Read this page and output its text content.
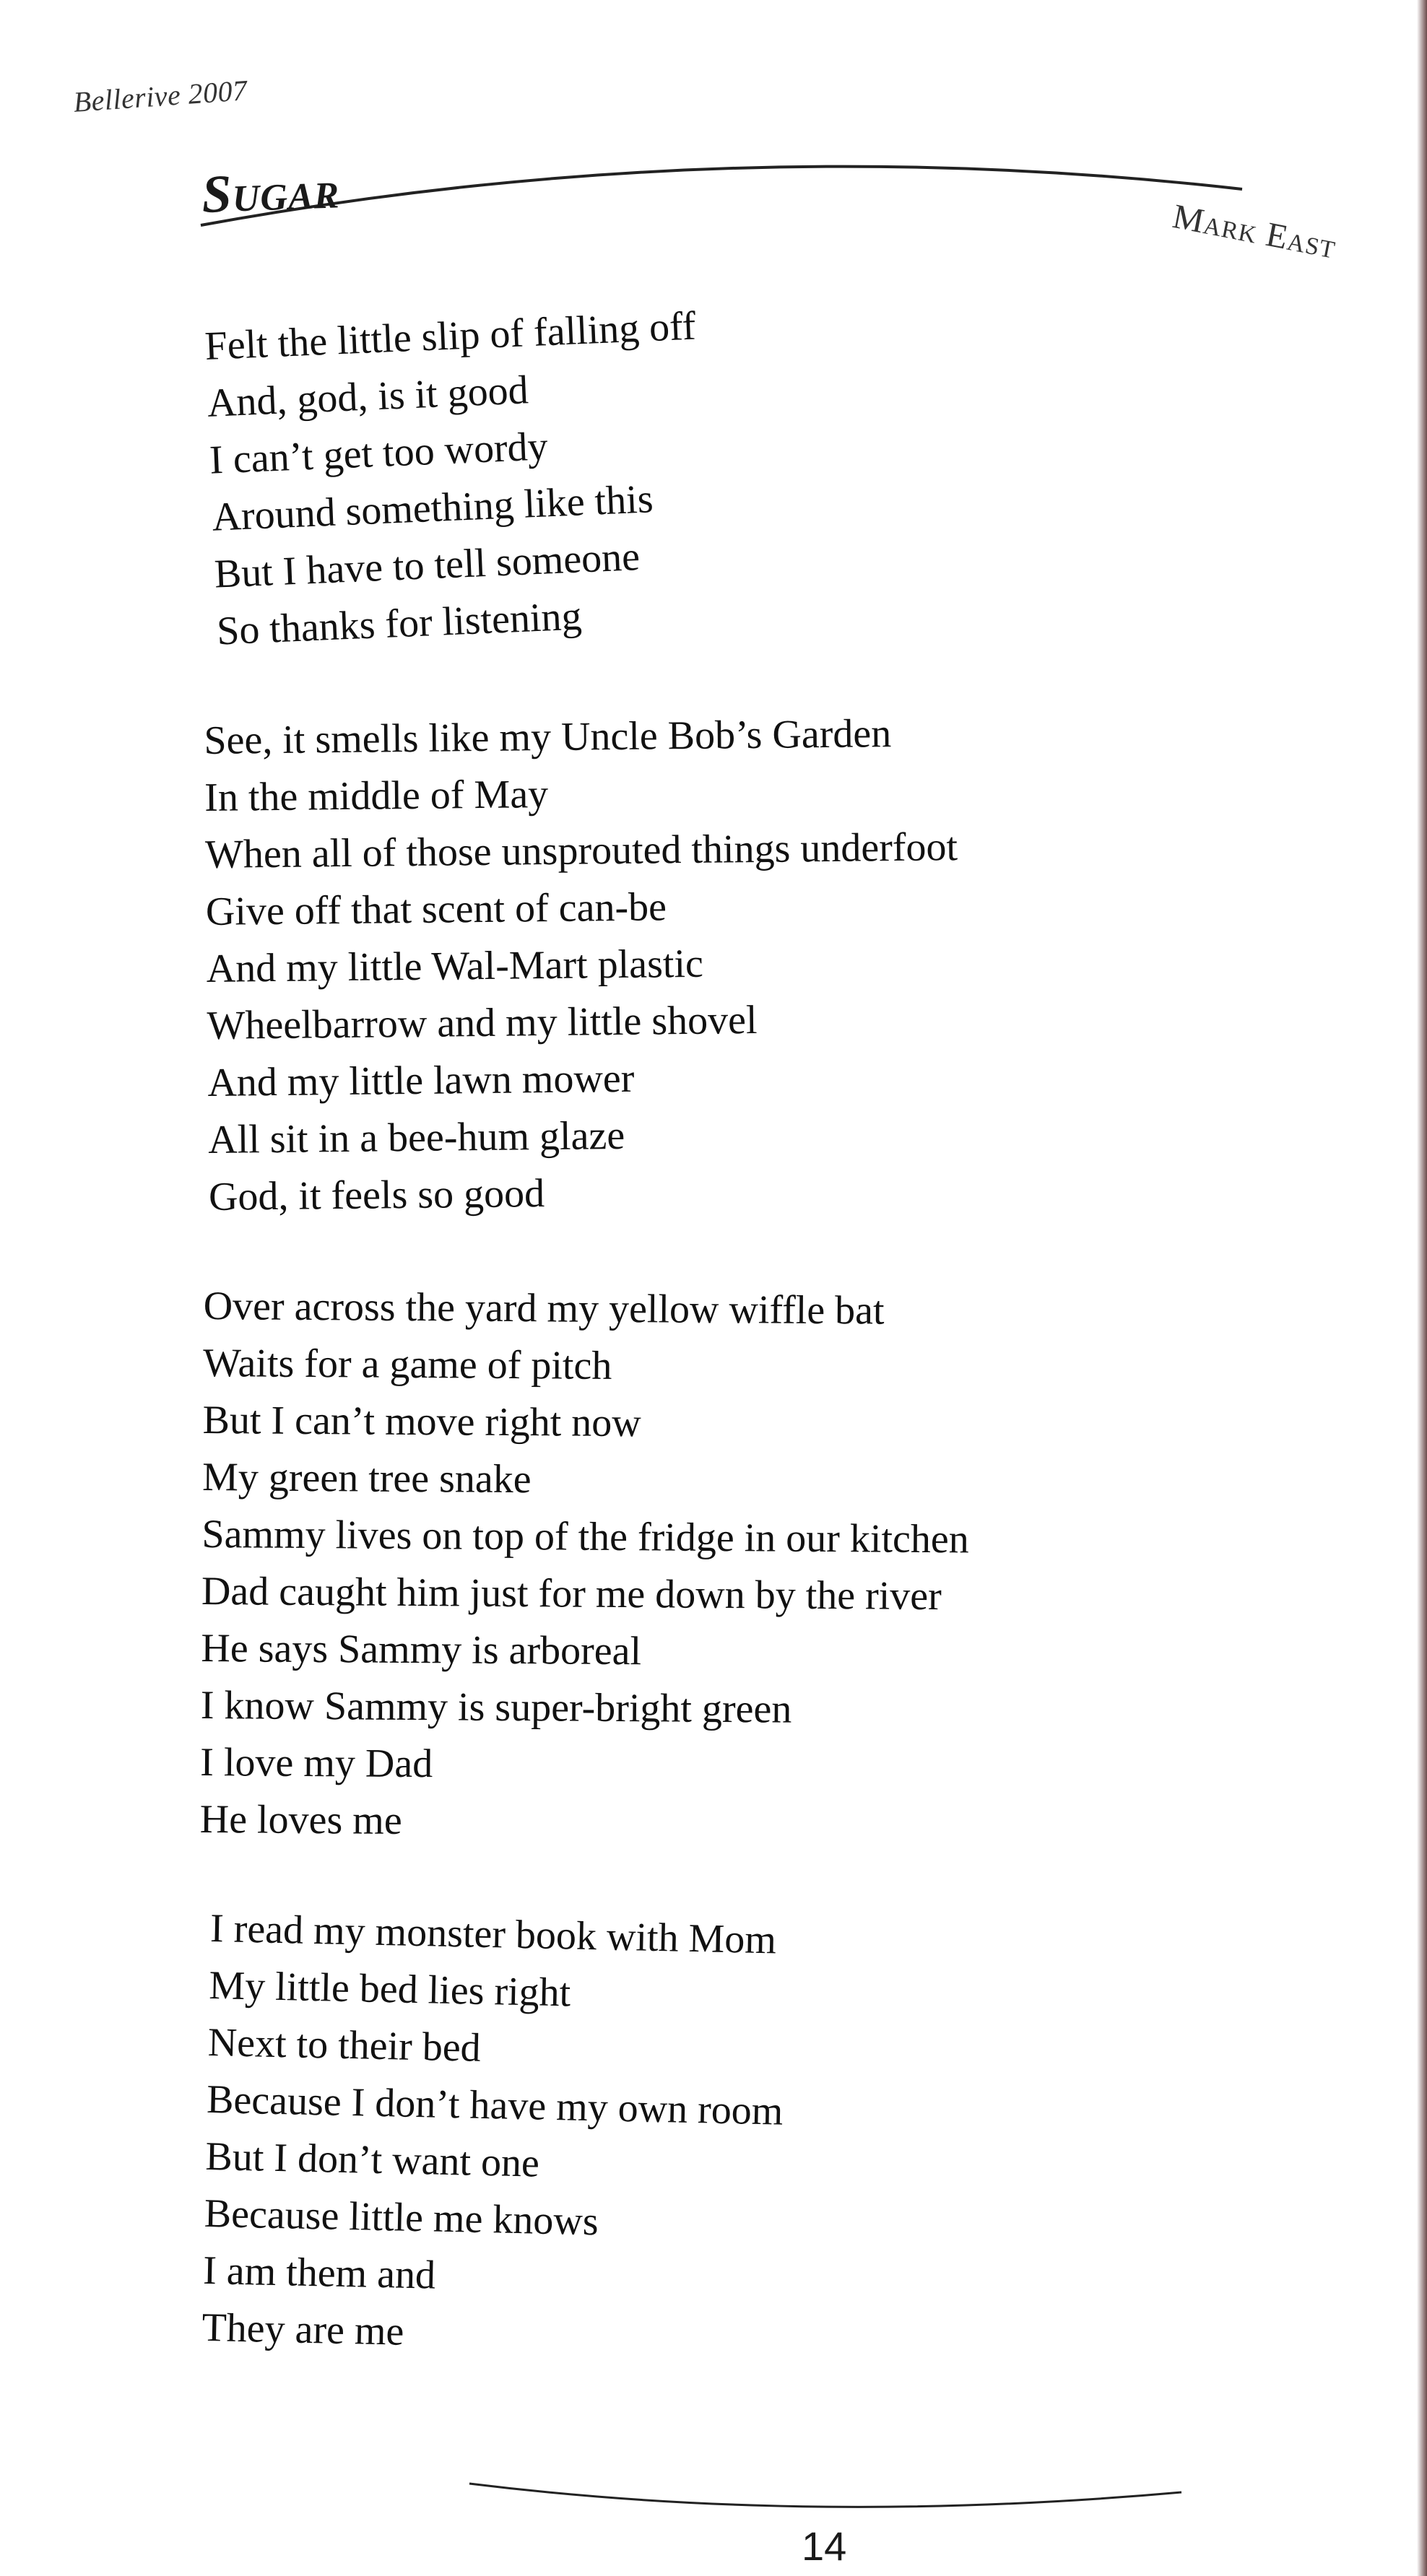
Bellerive 2007
Sugar
Mark East
Felt the little slip of falling off
And, god, is it good
I can’t get too wordy
Around something like this
But I have to tell someone
So thanks for listening
See, it smells like my Uncle Bob’s Garden
In the middle of May
When all of those unsprouted things underfoot
Give off that scent of can-be
And my little Wal-Mart plastic
Wheelbarrow and my little shovel
And my little lawn mower
All sit in a bee-hum glaze
God, it feels so good
Over across the yard my yellow wiffle bat
Waits for a game of pitch
But I can’t move right now
My green tree snake
Sammy lives on top of the fridge in our kitchen
Dad caught him just for me down by the river
He says Sammy is arboreal
I know Sammy is super-bright green
I love my Dad
He loves me
I read my monster book with Mom
My little bed lies right
Next to their bed
Because I don’t have my own room
But I don’t want one
Because little me knows
I am them and
They are me
14
